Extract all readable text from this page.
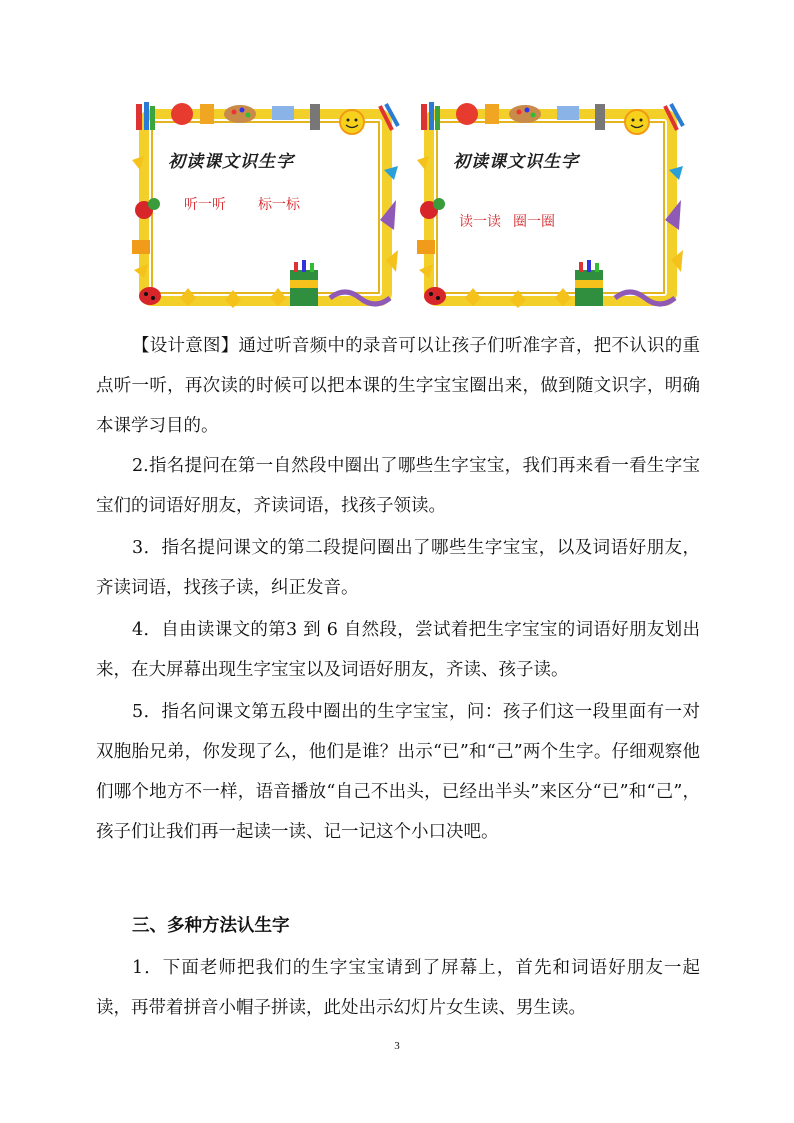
初读课文识生字
听一听 标一标
初读课文识生字
读一读 圈一圈

【设计意图】通过听音频中的录音可以让孩子们听准字音，把不认识的重点听一听，再次读的时候可以把本课的生字宝宝圈出来，做到随文识字，明确本课学习目的。

2.指名提问在第一自然段中圈出了哪些生字宝宝，我们再来看一看生字宝宝们的词语好朋友，齐读词语，找孩子领读。

3．指名提问课文的第二段提问圈出了哪些生字宝宝，以及词语好朋友，齐读词语，找孩子读，纠正发音。

4．自由读课文的第3 到 6 自然段，尝试着把生字宝宝的词语好朋友划出来，在大屏幕出现生字宝宝以及词语好朋友，齐读、孩子读。

5．指名问课文第五段中圈出的生字宝宝，问：孩子们这一段里面有一对双胞胎兄弟，你发现了么，他们是谁？出示“已”和“己”两个生字。仔细观察他们哪个地方不一样，语音播放“自己不出头，已经出半头”来区分“已”和“己”，孩子们让我们再一起读一读、记一记这个小口决吧。

三、多种方法认生字

1．下面老师把我们的生字宝宝请到了屏幕上，首先和词语好朋友一起读，再带着拼音小帽子拼读，此处出示幻灯片女生读、男生读。

3
